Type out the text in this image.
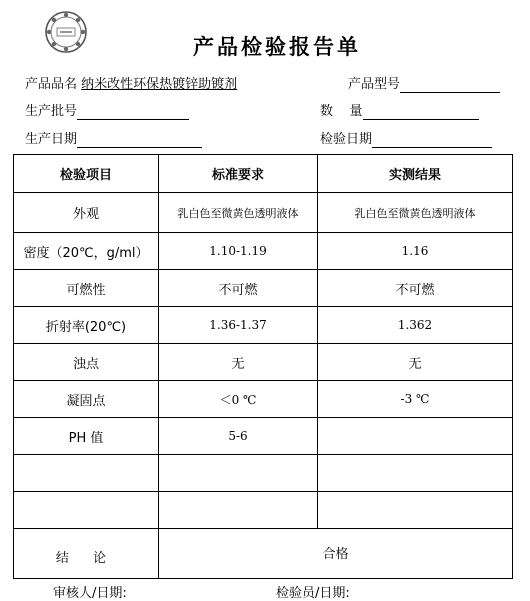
产品检验报告单
产品品名 纳米改性环保热镀锌助镀剂	产品型号
生产批号	数    量
生产日期	检验日期
检验项目	标准要求	实测结果
外观	乳白色至微黄色透明液体	乳白色至微黄色透明液体
密度（20℃，g/ml）	1.10-1.19	1.16
可燃性	不可燃	不可燃
折射率(20℃)	1.36-1.37	1.362
浊点	无	无
凝固点	＜0 ℃	-3 ℃
PH 值	5-6	

结 论	合格	
审核人/日期:	检验员/日期:
